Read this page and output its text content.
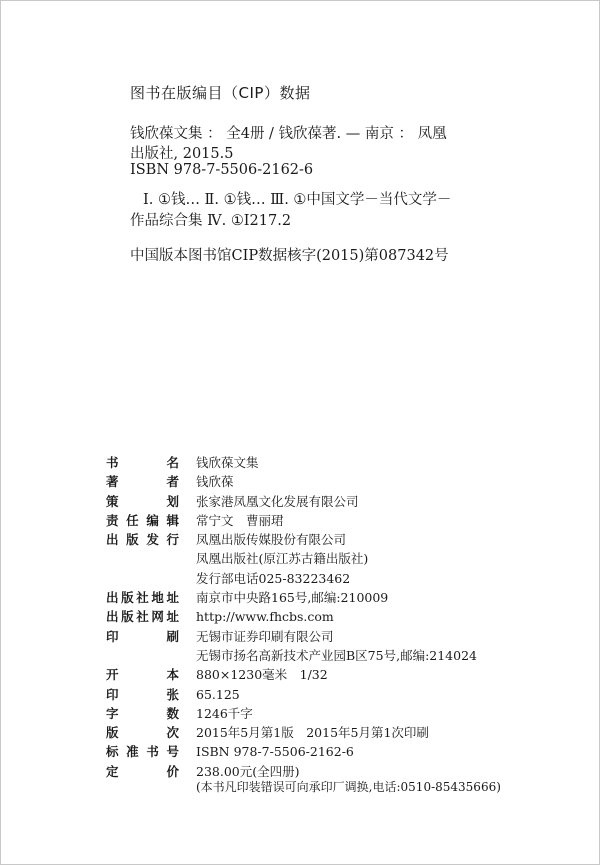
图书在版编目（CIP）数据
钱欣葆文集 ： 全4册 / 钱欣葆著. — 南京 ： 凤凰
出版社, 2015.5
ISBN 978-7-5506-2162-6
Ⅰ. ①钱… Ⅱ. ①钱… Ⅲ. ①中国文学－当代文学－
作品综合集 Ⅳ. ①I217.2
中国版本图书馆CIP数据核字(2015)第087342号
书	名 钱欣葆文集
著	者 钱欣葆
策	划 张家港凤凰文化发展有限公司
责 任 编 辑 常宁文　曹丽珺
出 版 发 行 凤凰出版传媒股份有限公司
凤凰出版社(原江苏古籍出版社)
发行部电话025-83223462
出 版 社 地 址 南京市中央路165号,邮编:210009
出 版 社 网 址 http://www.fhcbs.com
印	刷 无锡市证券印刷有限公司
无锡市扬名高新技术产业园B区75号,邮编:214024
开	本 880×1230毫米　1/32
印	张 65.125
字	数 1246千字
版	次 2015年5月第1版　2015年5月第1次印刷
标 准 书 号 ISBN 978-7-5506-2162-6
定	价 238.00元(全四册)
(本书凡印装错误可向承印厂调换,电话:0510-85435666)
